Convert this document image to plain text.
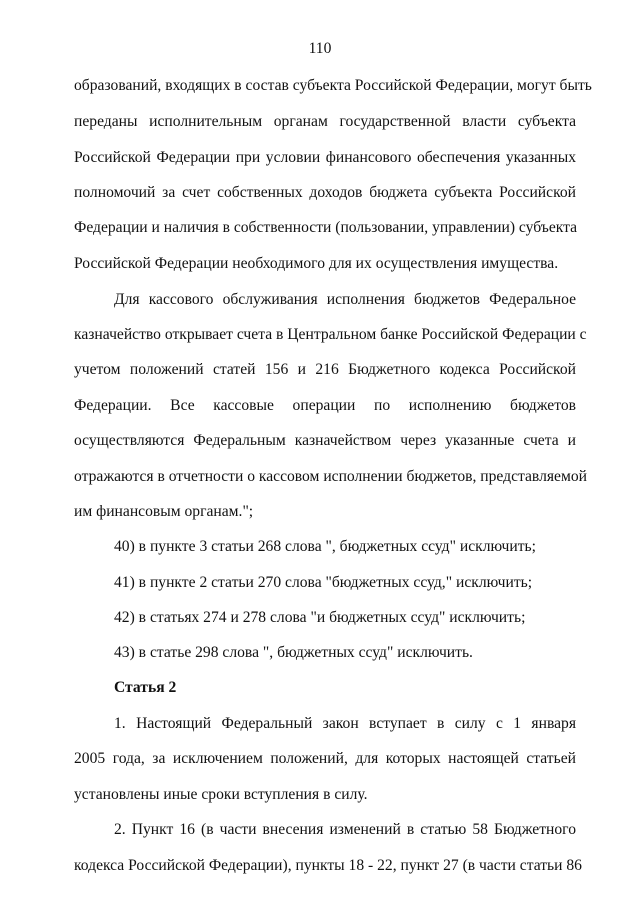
110
образований, входящих в состав субъекта Российской Федерации, могут быть
переданы исполнительным органам государственной власти субъекта
Российской Федерации при условии финансового обеспечения указанных
полномочий за счет собственных доходов бюджета субъекта Российской
Федерации и наличия в собственности (пользовании, управлении) субъекта
Российской Федерации необходимого для их осуществления имущества.
Для кассового обслуживания исполнения бюджетов Федеральное
казначейство открывает счета в Центральном банке Российской Федерации с
учетом положений статей 156 и 216 Бюджетного кодекса Российской
Федерации. Все кассовые операции по исполнению бюджетов
осуществляются Федеральным казначейством через указанные счета и
отражаются в отчетности о кассовом исполнении бюджетов, представляемой
им финансовым органам.";
40) в пункте 3 статьи 268 слова ", бюджетных ссуд" исключить;
41) в пункте 2 статьи 270 слова "бюджетных ссуд," исключить;
42) в статьях 274 и 278 слова "и бюджетных ссуд" исключить;
43) в статье 298 слова ", бюджетных ссуд" исключить.
Статья 2
1. Настоящий Федеральный закон вступает в силу с 1 января
2005 года, за исключением положений, для которых настоящей статьей
установлены иные сроки вступления в силу.
2. Пункт 16 (в части внесения изменений в статью 58 Бюджетного
кодекса Российской Федерации), пункты 18 - 22, пункт 27 (в части статьи 86
